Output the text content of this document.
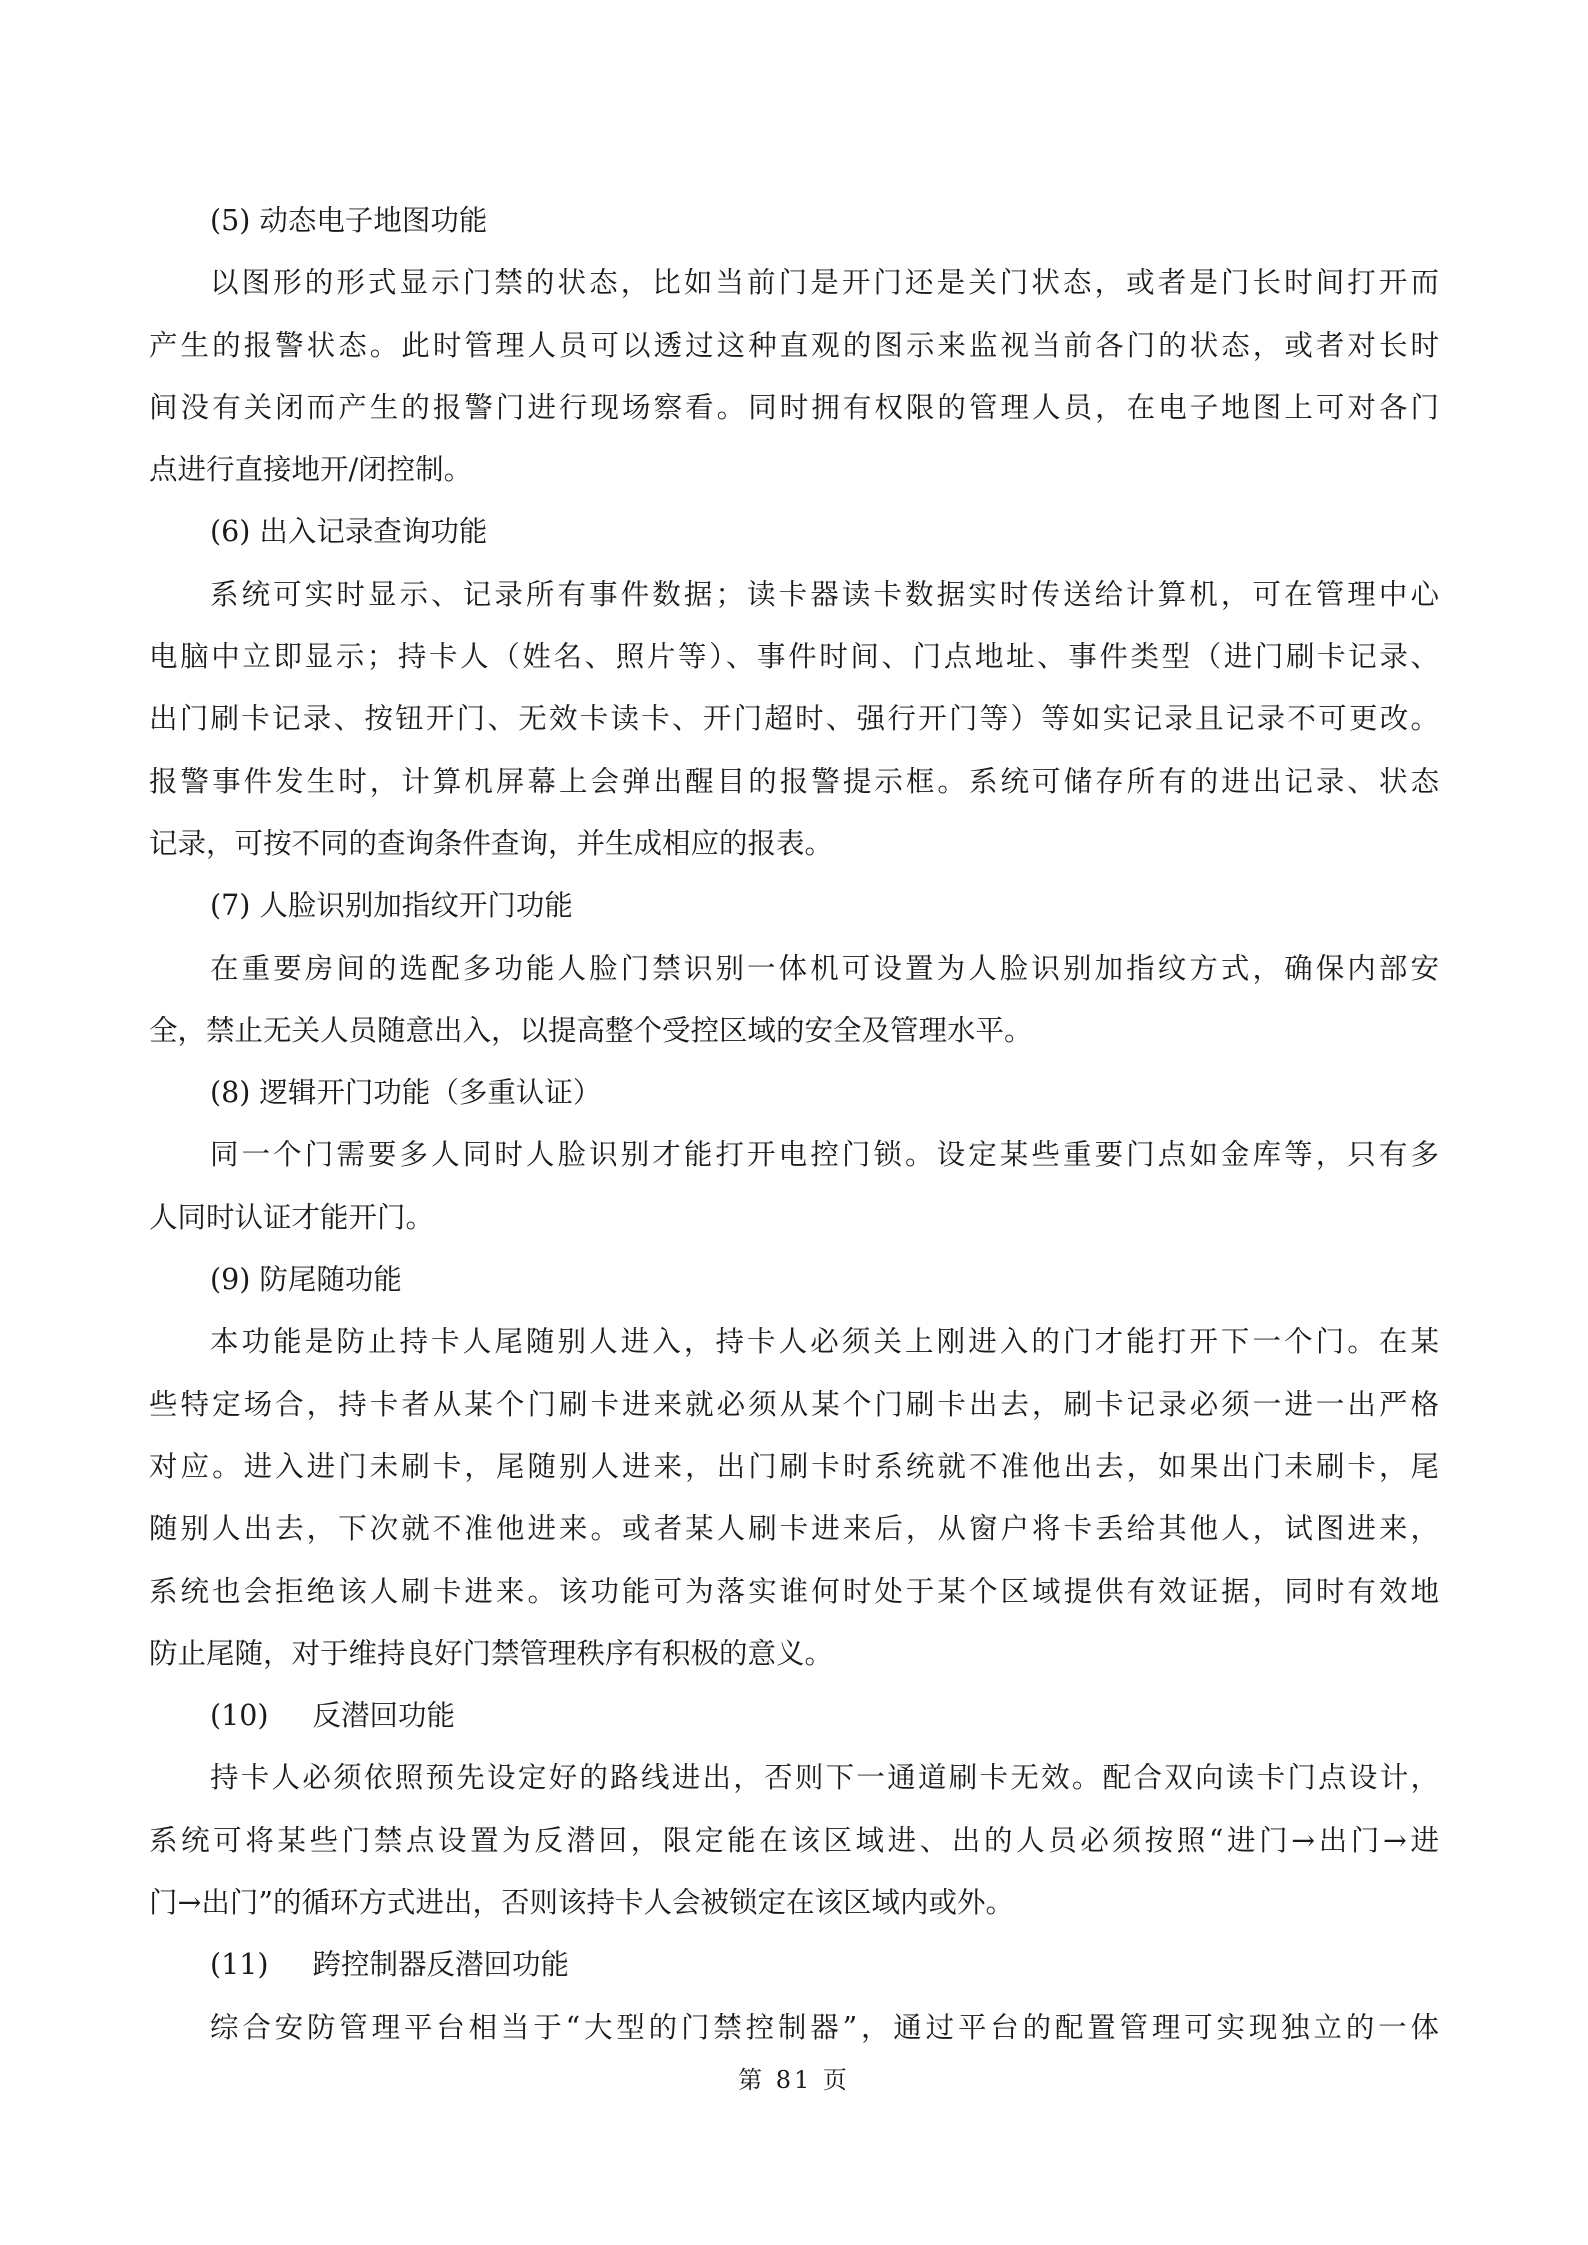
(5) 动态电子地图功能
以图形的形式显示门禁的状态，比如当前门是开门还是关门状态，或者是门长时间打开而
产生的报警状态。此时管理人员可以透过这种直观的图示来监视当前各门的状态，或者对长时
间没有关闭而产生的报警门进行现场察看。同时拥有权限的管理人员，在电子地图上可对各门
点进行直接地开/闭控制。
(6) 出入记录查询功能
系统可实时显示、记录所有事件数据；读卡器读卡数据实时传送给计算机，可在管理中心
电脑中立即显示；持卡人（姓名、照片等）、事件时间、门点地址、事件类型（进门刷卡记录、
出门刷卡记录、按钮开门、无效卡读卡、开门超时、强行开门等）等如实记录且记录不可更改。
报警事件发生时，计算机屏幕上会弹出醒目的报警提示框。系统可储存所有的进出记录、状态
记录，可按不同的查询条件查询，并生成相应的报表。
(7) 人脸识别加指纹开门功能
在重要房间的选配多功能人脸门禁识别一体机可设置为人脸识别加指纹方式，确保内部安
全，禁止无关人员随意出入，以提高整个受控区域的安全及管理水平。
(8) 逻辑开门功能（多重认证）
同一个门需要多人同时人脸识别才能打开电控门锁。设定某些重要门点如金库等，只有多
人同时认证才能开门。
(9) 防尾随功能
本功能是防止持卡人尾随别人进入，持卡人必须关上刚进入的门才能打开下一个门。在某
些特定场合，持卡者从某个门刷卡进来就必须从某个门刷卡出去，刷卡记录必须一进一出严格
对应。进入进门未刷卡，尾随别人进来，出门刷卡时系统就不准他出去，如果出门未刷卡，尾
随别人出去，下次就不准他进来。或者某人刷卡进来后，从窗户将卡丢给其他人，试图进来，
系统也会拒绝该人刷卡进来。该功能可为落实谁何时处于某个区域提供有效证据，同时有效地
防止尾随，对于维持良好门禁管理秩序有积极的意义。
(10) 反潜回功能
持卡人必须依照预先设定好的路线进出，否则下一通道刷卡无效。配合双向读卡门点设计，
系统可将某些门禁点设置为反潜回，限定能在该区域进、出的人员必须按照“进门→出门→进
门→出门”的循环方式进出，否则该持卡人会被锁定在该区域内或外。
(11) 跨控制器反潜回功能
综合安防管理平台相当于“大型的门禁控制器”，通过平台的配置管理可实现独立的一体
第 81 页
